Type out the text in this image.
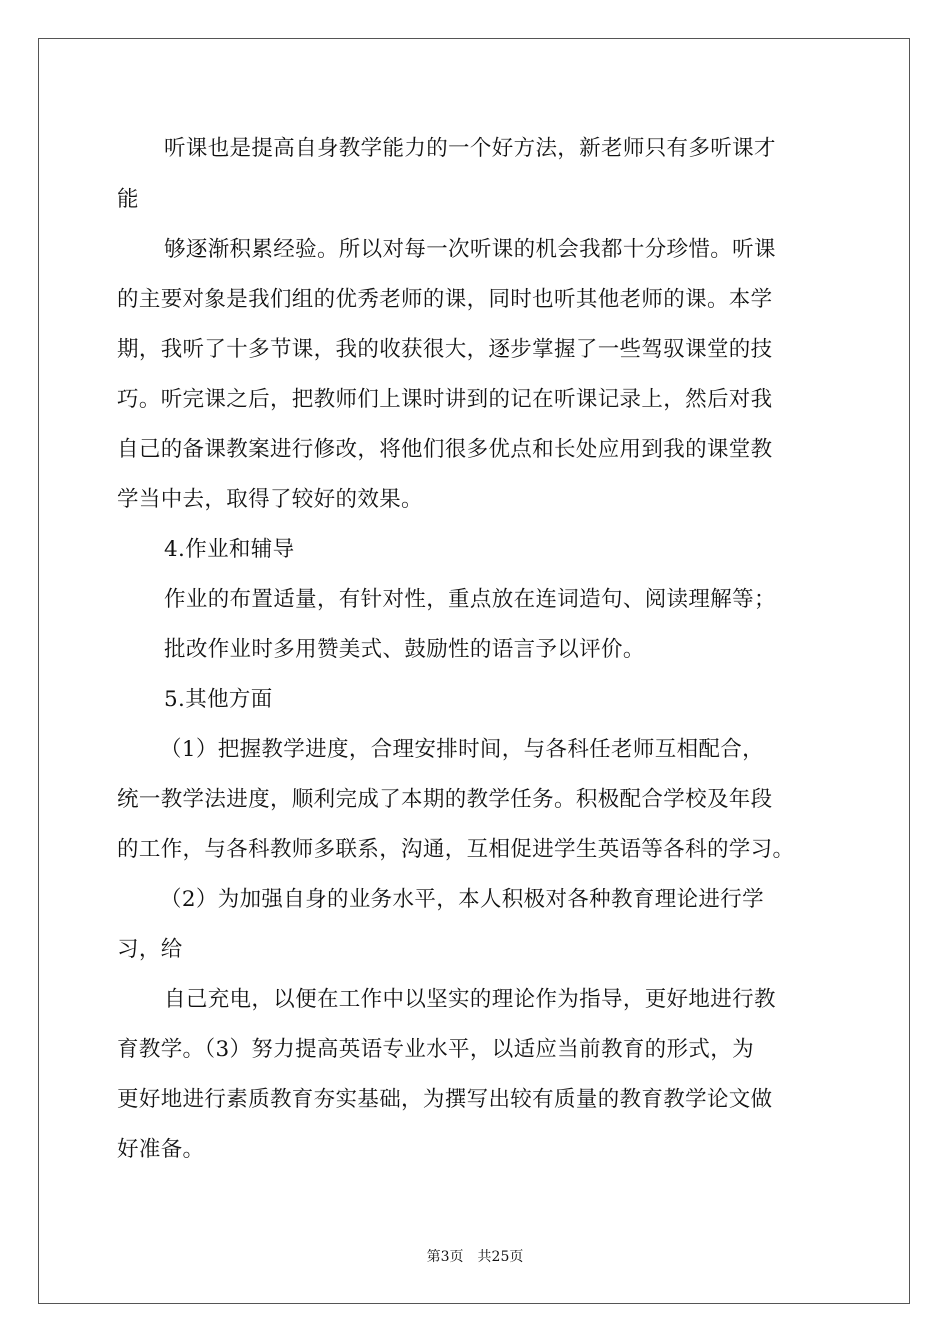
听课也是提高自身教学能力的一个好方法，新老师只有多听课才
能
够逐渐积累经验。所以对每一次听课的机会我都十分珍惜。听课
的主要对象是我们组的优秀老师的课，同时也听其他老师的课。本学
期，我听了十多节课，我的收获很大，逐步掌握了一些驾驭课堂的技
巧。听完课之后，把教师们上课时讲到的记在听课记录上，然后对我
自己的备课教案进行修改，将他们很多优点和长处应用到我的课堂教
学当中去，取得了较好的效果。
4.作业和辅导
作业的布置适量，有针对性，重点放在连词造句、阅读理解等；
批改作业时多用赞美式、鼓励性的语言予以评价。
5.其他方面
（1）把握教学进度，合理安排时间，与各科任老师互相配合，
统一教学法进度，顺利完成了本期的教学任务。积极配合学校及年段
的工作，与各科教师多联系，沟通，互相促进学生英语等各科的学习。
（2）为加强自身的业务水平，本人积极对各种教育理论进行学
习，给
自己充电，以便在工作中以坚实的理论作为指导，更好地进行教
育教学。（3）努力提高英语专业水平，以适应当前教育的形式，为
更好地进行素质教育夯实基础，为撰写出较有质量的教育教学论文做
好准备。
第3页 共25页
